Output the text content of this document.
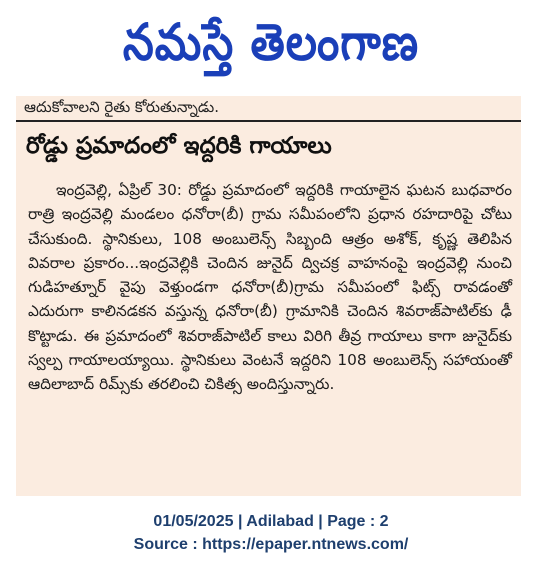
నమస్తే తెలంగాణ
ఆదుకోవాలని రైతు కోరుతున్నాడు.
రోడ్డు ప్రమాదంలో ఇద్దరికి గాయాలు
ఇంద్రవెల్లి, ఏప్రిల్ 30: రోడ్డు ప్రమాదంలో ఇద్దరికి గాయాలైన ఘటన బుధవారం రాత్రి ఇంద్రవెల్లి మండలం ధనోరా(బీ) గ్రామ సమీపంలోని ప్రధాన రహదారిపై చోటు చేసుకుంది. స్థానికులు, 108 అంబులెన్స్ సిబ్బంది ఆత్రం అశోక్, కృష్ణ తెలిపిన వివరాల ప్రకారం...ఇంద్రవెల్లికి చెందిన జునైద్ ద్విచక్ర వాహనంపై ఇంద్రవెల్లి నుంచి గుడిహత్నూర్ వైపు వెళ్తుండగా ధనోరా(బీ)గ్రామ సమీపంలో ఫిట్స్ రావడంతో ఎదురుగా కాలినడకన వస్తున్న ధనోరా(బీ) గ్రామానికి చెందిన శివరాజ్‌పాటిల్‌కు ఢీ కొట్టాడు. ఈ ప్రమాదంలో శివరాజ్‌పాటిల్ కాలు విరిగి తీవ్ర గాయాలు కాగా జునైద్‌కు స్వల్ప గాయాలయ్యాయి. స్థానికులు వెంటనే ఇద్దరిని 108 అంబులెన్స్ సహాయంతో ఆదిలాబాద్ రిమ్స్‌కు తరలించి చికిత్స అందిస్తున్నారు.
01/05/2025 | Adilabad | Page : 2
Source : https://epaper.ntnews.com/
